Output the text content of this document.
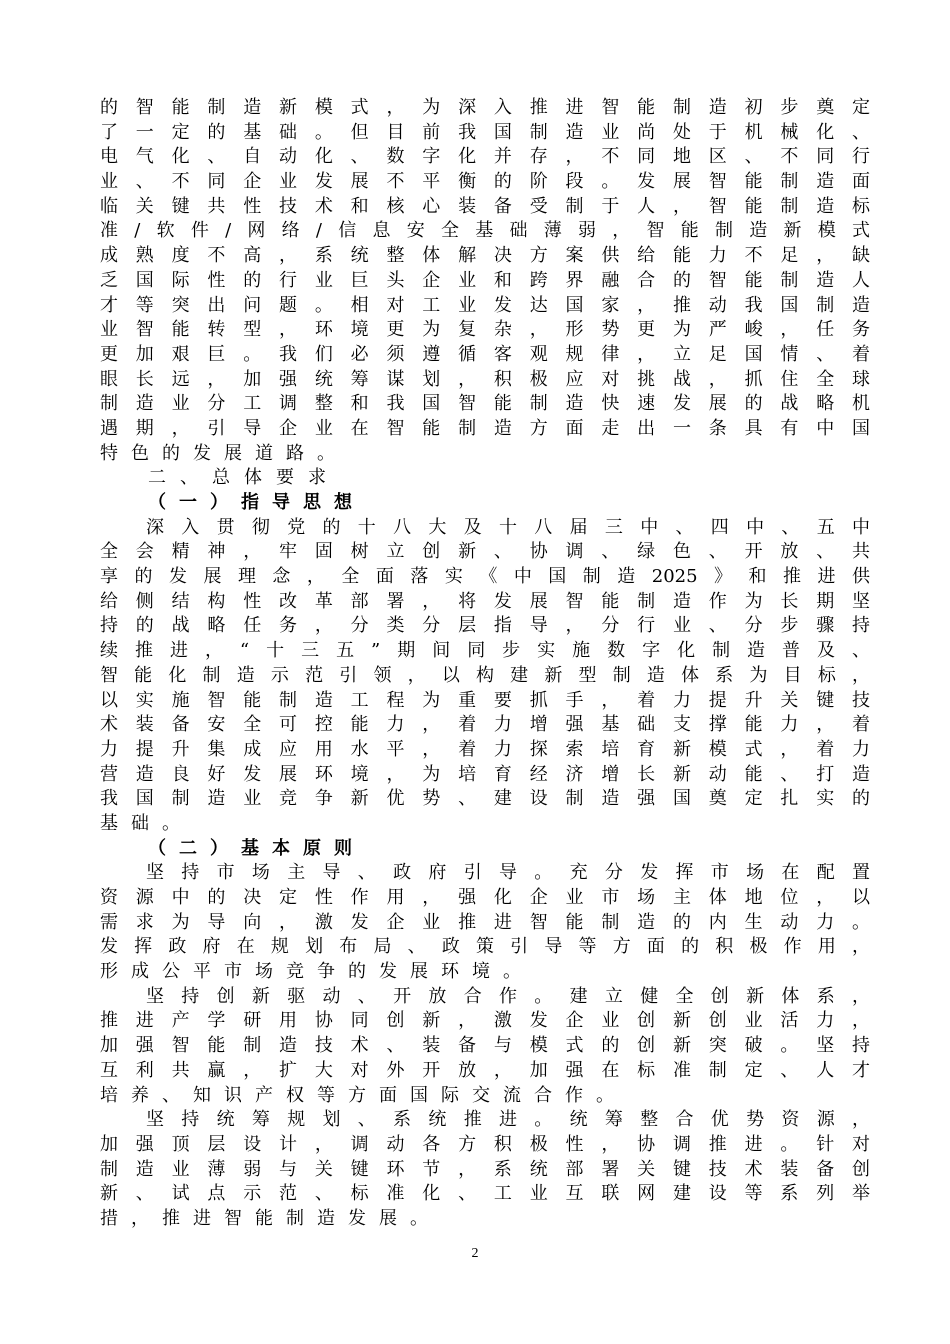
的智能制造新模式，为深入推进智能制造初步奠定
了一定的基础。但目前我国制造业尚处于机械化、
电气化、自动化、数字化并存，不同地区、不同行
业、不同企业发展不平衡的阶段。发展智能制造面
临关键共性技术和核心装备受制于人，智能制造标
准/软件/网络/信息安全基础薄弱，智能制造新模式
成熟度不高，系统整体解决方案供给能力不足，缺
乏国际性的行业巨头企业和跨界融合的智能制造人
才等突出问题。相对工业发达国家，推动我国制造
业智能转型，环境更为复杂，形势更为严峻，任务
更加艰巨。我们必须遵循客观规律，立足国情、着
眼长远，加强统筹谋划，积极应对挑战，抓住全球
制造业分工调整和我国智能制造快速发展的战略机
遇期，引导企业在智能制造方面走出一条具有中国
特色的发展道路。
二、总体要求
（一）指导思想
深入贯彻党的十八大及十八届三中、四中、五中
全会精神，牢固树立创新、协调、绿色、开放、共
享的发展理念，全面落实《中国制造2025》和推进供
给侧结构性改革部署，将发展智能制造作为长期坚
持的战略任务，分类分层指导，分行业、分步骤持
续推进，“十三五”期间同步实施数字化制造普及、
智能化制造示范引领，以构建新型制造体系为目标，
以实施智能制造工程为重要抓手，着力提升关键技
术装备安全可控能力，着力增强基础支撑能力，着
力提升集成应用水平，着力探索培育新模式，着力
营造良好发展环境，为培育经济增长新动能、打造
我国制造业竞争新优势、建设制造强国奠定扎实的
基础。
（二）基本原则
坚持市场主导、政府引导。充分发挥市场在配置
资源中的决定性作用，强化企业市场主体地位，以
需求为导向，激发企业推进智能制造的内生动力。
发挥政府在规划布局、政策引导等方面的积极作用，
形成公平市场竞争的发展环境。
坚持创新驱动、开放合作。建立健全创新体系，
推进产学研用协同创新，激发企业创新创业活力，
加强智能制造技术、装备与模式的创新突破。坚持
互利共赢，扩大对外开放，加强在标准制定、人才
培养、知识产权等方面国际交流合作。
坚持统筹规划、系统推进。统筹整合优势资源，
加强顶层设计，调动各方积极性，协调推进。针对
制造业薄弱与关键环节，系统部署关键技术装备创
新、试点示范、标准化、工业互联网建设等系列举
措，推进智能制造发展。
2
